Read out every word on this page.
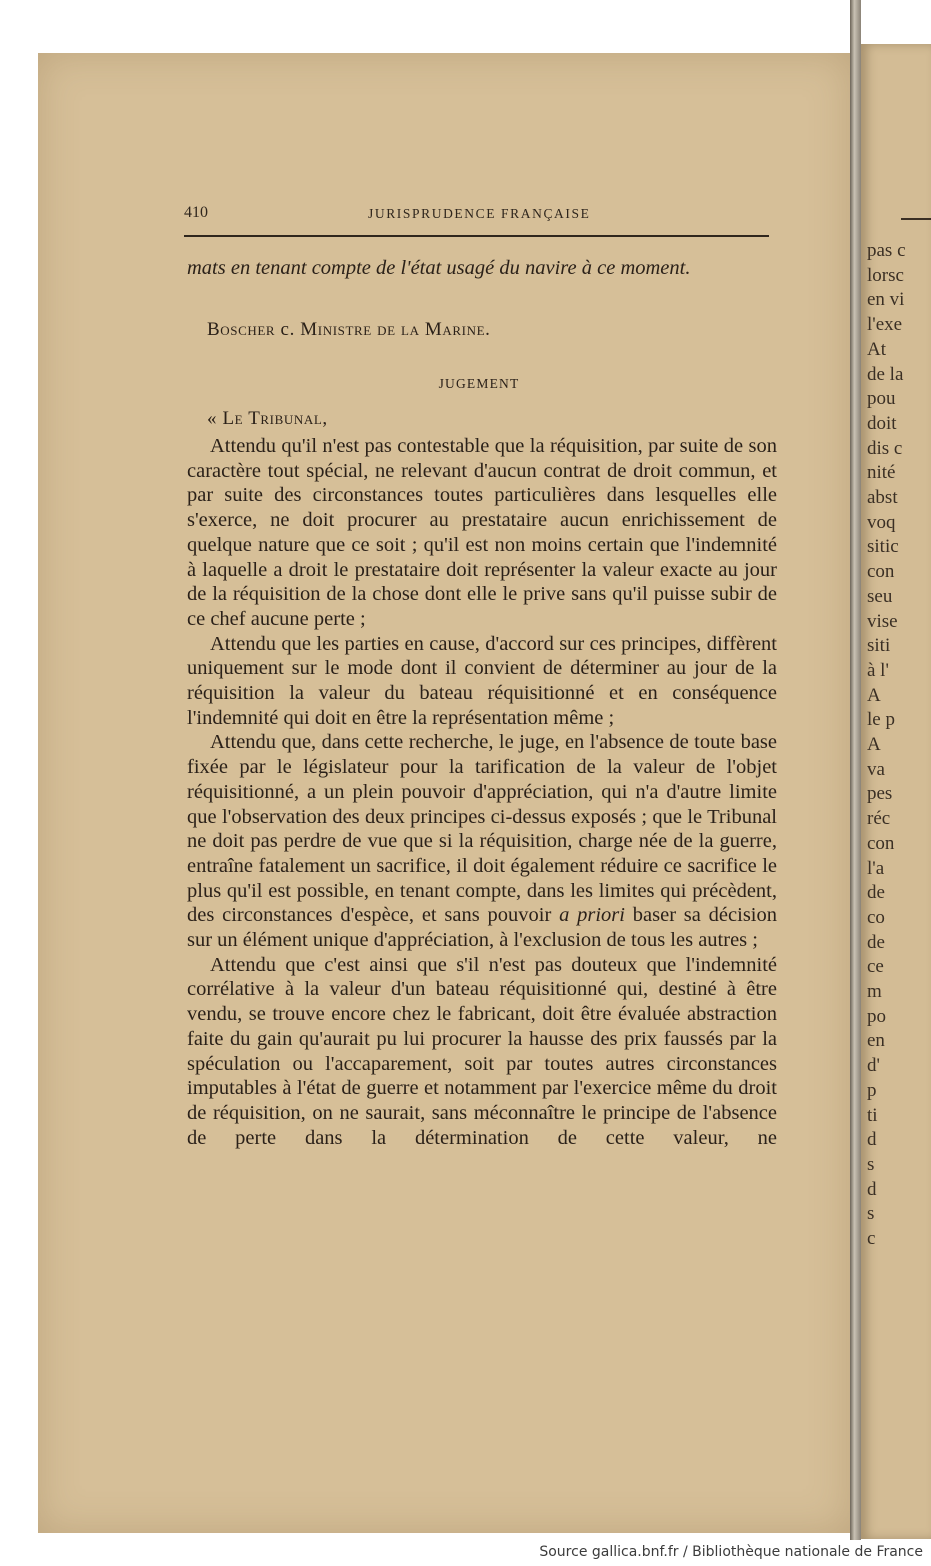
pas c
lorsc
en vi
l'exe
At
de la
pou
doit
dis c
nité
abst
voq
sitic
con
seu
vise
siti
à l'
A
le p
A
va
pes
réc
con
l'a
de
co
de
ce
m
po
en
d'
p
ti
d
s
d
s
c
410	JURISPRUDENCE FRANÇAISE
mats en tenant compte de l'état usagé du navire à ce moment.
Boscher c. Ministre de la Marine.
JUGEMENT
« Le Tribunal,

Attendu qu'il n'est pas contestable que la réquisition, par suite de son caractère tout spécial, ne relevant d'aucun contrat de droit commun, et par suite des circonstances toutes particulières dans lesquelles elle s'exerce, ne doit procurer au prestataire aucun enrichissement de quelque nature que ce soit ; qu'il est non moins certain que l'indemnité à laquelle a droit le prestataire doit représenter la valeur exacte au jour de la réquisition de la chose dont elle le prive sans qu'il puisse subir de ce chef aucune perte ;

Attendu que les parties en cause, d'accord sur ces principes, diffèrent uniquement sur le mode dont il convient de déterminer au jour de la réquisition la valeur du bateau réquisitionné et en conséquence l'indemnité qui doit en être la représentation même ;

Attendu que, dans cette recherche, le juge, en l'absence de toute base fixée par le législateur pour la tarification de la valeur de l'objet réquisitionné, a un plein pouvoir d'appréciation, qui n'a d'autre limite que l'observation des deux principes ci-dessus exposés ; que le Tribunal ne doit pas perdre de vue que si la réquisition, charge née de la guerre, entraîne fatalement un sacrifice, il doit également réduire ce sacrifice le plus qu'il est possible, en tenant compte, dans les limites qui précèdent, des circonstances d'espèce, et sans pouvoir a priori baser sa décision sur un élément unique d'appréciation, à l'exclusion de tous les autres ;

Attendu que c'est ainsi que s'il n'est pas douteux que l'indemnité corrélative à la valeur d'un bateau réquisitionné qui, destiné à être vendu, se trouve encore chez le fabricant, doit être évaluée abstraction faite du gain qu'aurait pu lui procurer la hausse des prix faussés par la spéculation ou l'accaparement, soit par toutes autres circonstances imputables à l'état de guerre et notamment par l'exercice même du droit de réquisition, on ne saurait, sans méconnaître le principe de l'absence de perte dans la détermination de cette valeur, ne

Source gallica.bnf.fr / Bibliothèque nationale de France
